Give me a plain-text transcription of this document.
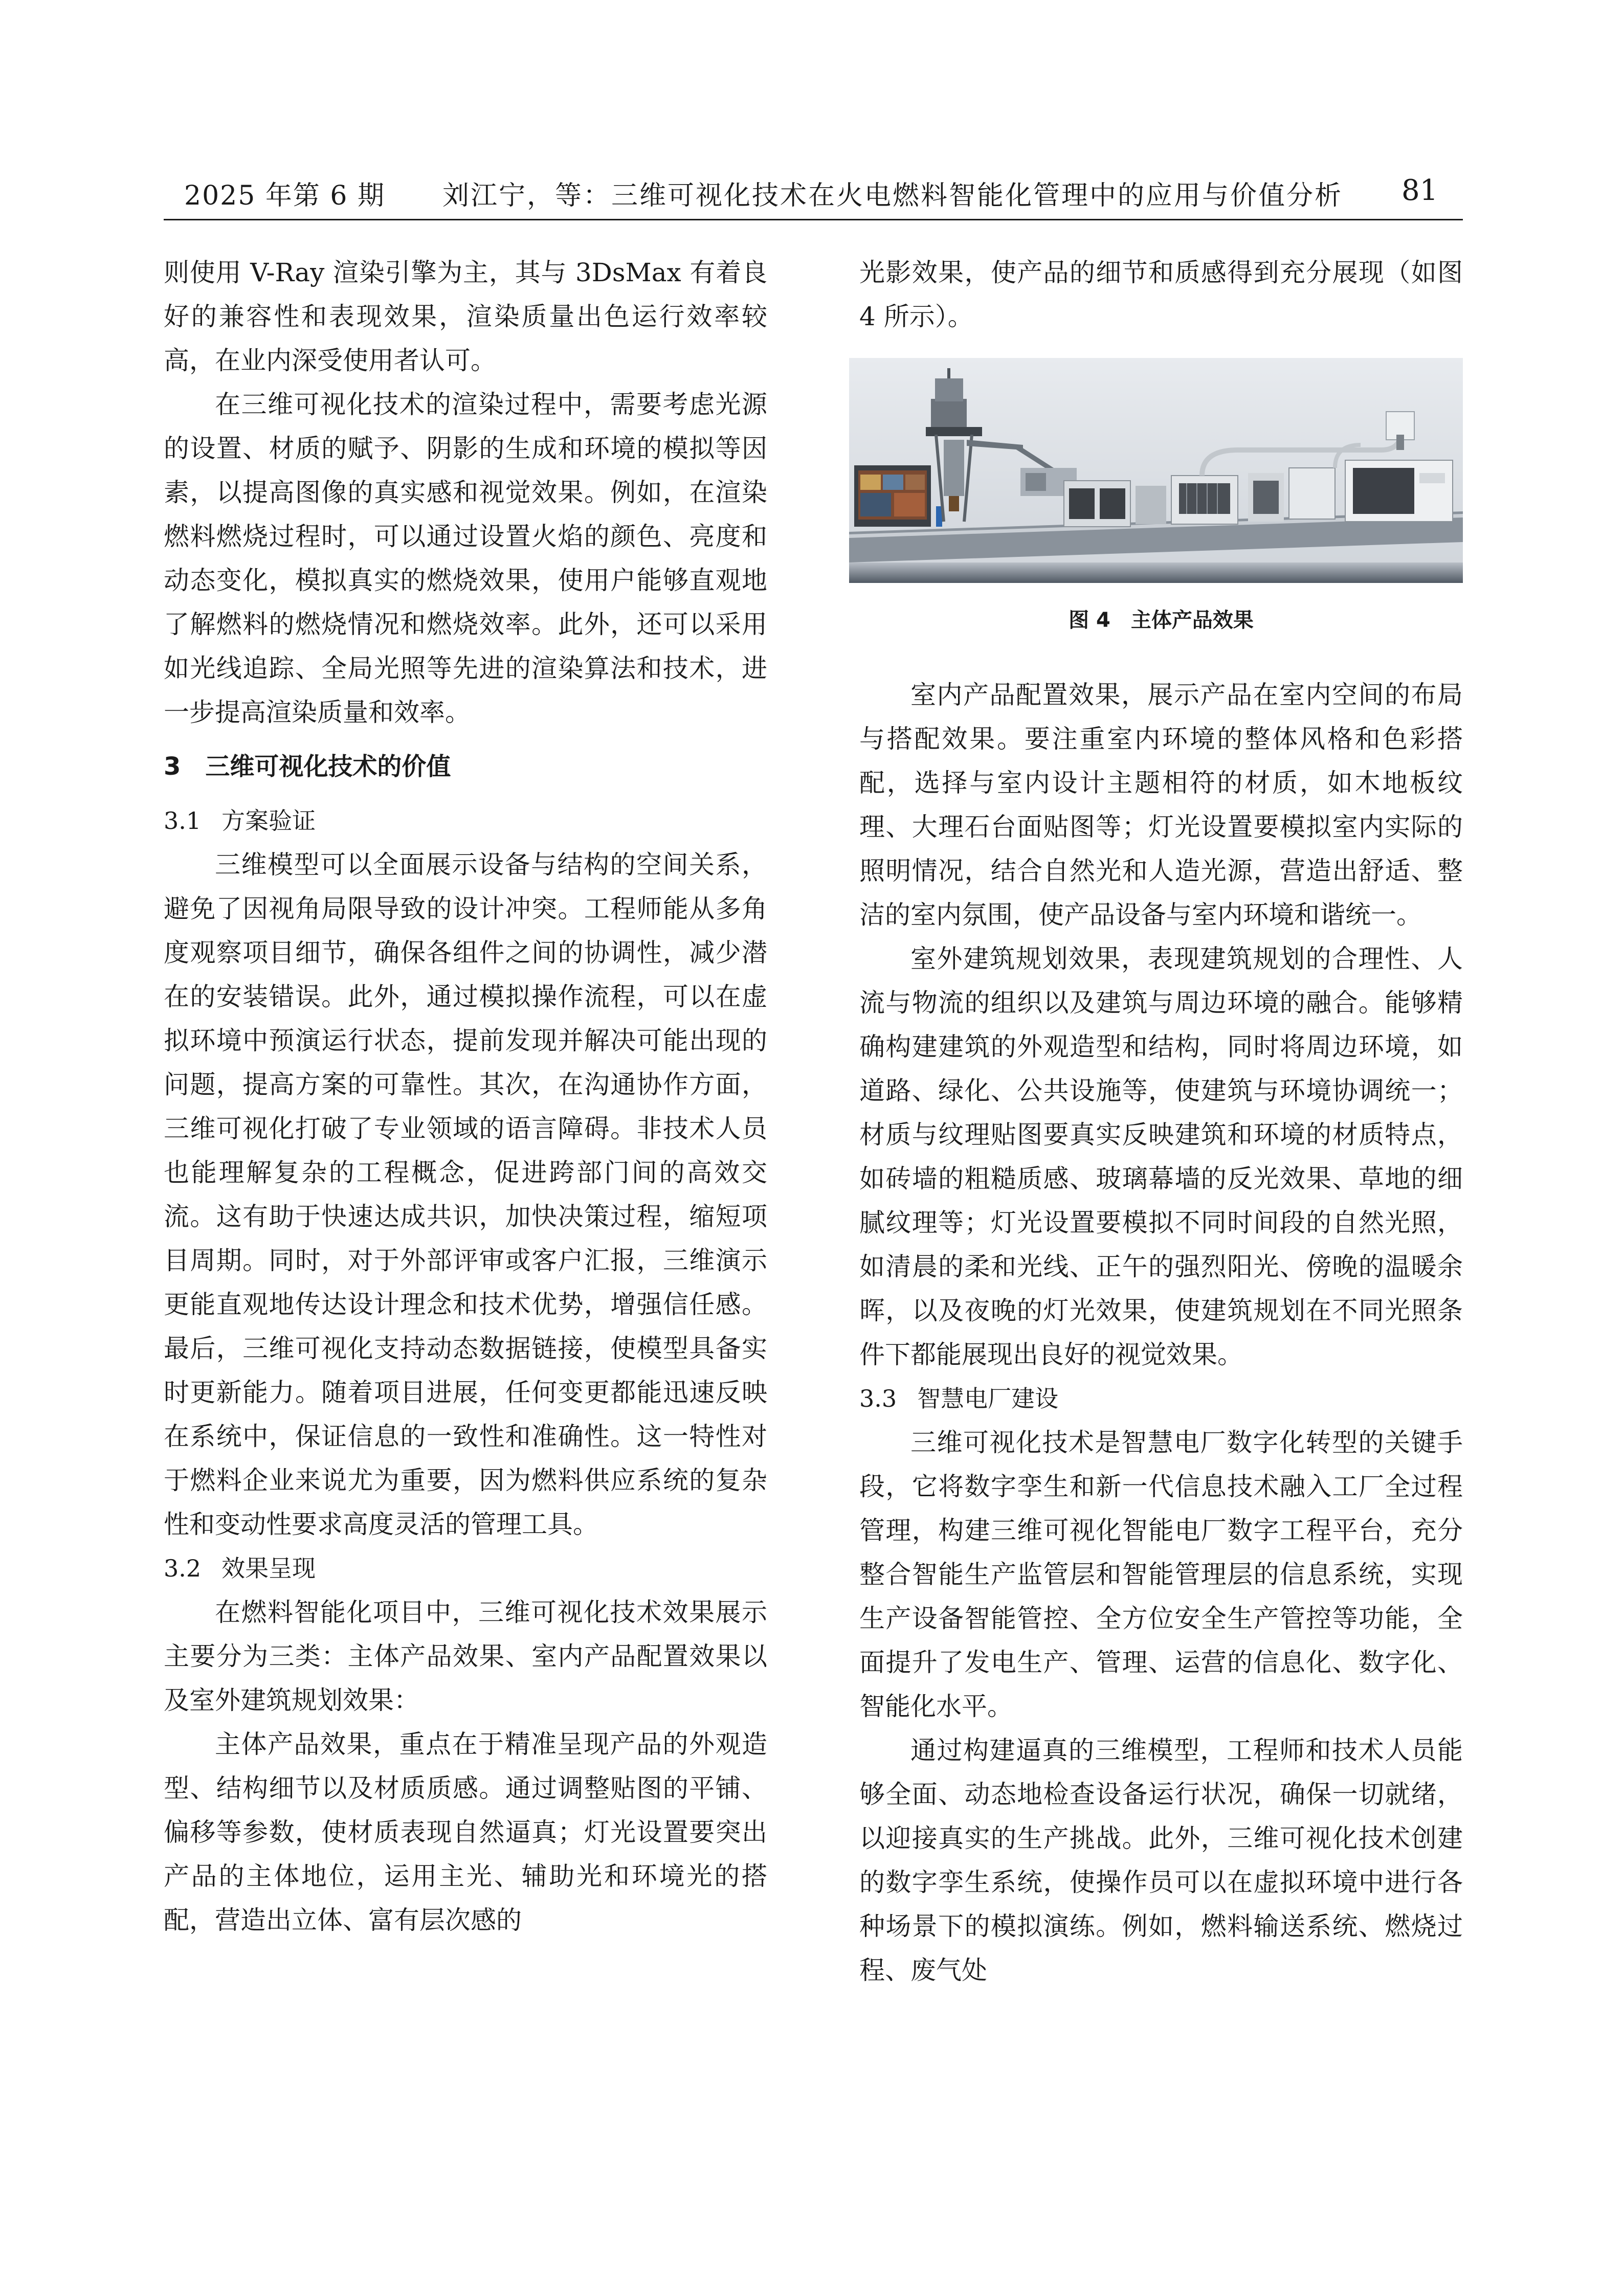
2025 年第 6 期 刘江宁，等：三维可视化技术在火电燃料智能化管理中的应用与价值分析 81

则使用 V-Ray 渲染引擎为主，其与 3DsMax 有着良好的兼容性和表现效果，渲染质量出色运行效率较高，在业内深受使用者认可。

在三维可视化技术的渲染过程中，需要考虑光源的设置、材质的赋予、阴影的生成和环境的模拟等因素，以提高图像的真实感和视觉效果。例如，在渲染燃料燃烧过程时，可以通过设置火焰的颜色、亮度和动态变化，模拟真实的燃烧效果，使用户能够直观地了解燃料的燃烧情况和燃烧效率。此外，还可以采用如光线追踪、全局光照等先进的渲染算法和技术，进一步提高渲染质量和效率。

3　三维可视化技术的价值
3.1 方案验证

三维模型可以全面展示设备与结构的空间关系，避免了因视角局限导致的设计冲突。工程师能从多角度观察项目细节，确保各组件之间的协调性，减少潜在的安装错误。此外，通过模拟操作流程，可以在虚拟环境中预演运行状态，提前发现并解决可能出现的问题，提高方案的可靠性。其次，在沟通协作方面，三维可视化打破了专业领域的语言障碍。非技术人员也能理解复杂的工程概念，促进跨部门间的高效交流。这有助于快速达成共识，加快决策过程，缩短项目周期。同时，对于外部评审或客户汇报，三维演示更能直观地传达设计理念和技术优势，增强信任感。最后，三维可视化支持动态数据链接，使模型具备实时更新能力。随着项目进展，任何变更都能迅速反映在系统中，保证信息的一致性和准确性。这一特性对于燃料企业来说尤为重要，因为燃料供应系统的复杂性和变动性要求高度灵活的管理工具。

3.2 效果呈现

在燃料智能化项目中，三维可视化技术效果展示主要分为三类：主体产品效果、室内产品配置效果以及室外建筑规划效果：

主体产品效果，重点在于精准呈现产品的外观造型、结构细节以及材质质感。通过调整贴图的平铺、偏移等参数，使材质表现自然逼真；灯光设置要突出产品的主体地位，运用主光、辅助光和环境光的搭配，营造出立体、富有层次感的

光影效果，使产品的细节和质感得到充分展现（如图 4 所示）。

图 4　主体产品效果

室内产品配置效果，展示产品在室内空间的布局与搭配效果。要注重室内环境的整体风格和色彩搭配，选择与室内设计主题相符的材质，如木地板纹理、大理石台面贴图等；灯光设置要模拟室内实际的照明情况，结合自然光和人造光源，营造出舒适、整洁的室内氛围，使产品设备与室内环境和谐统一。

室外建筑规划效果，表现建筑规划的合理性、人流与物流的组织以及建筑与周边环境的融合。能够精确构建建筑的外观造型和结构，同时将周边环境，如道路、绿化、公共设施等，使建筑与环境协调统一；材质与纹理贴图要真实反映建筑和环境的材质特点，如砖墙的粗糙质感、玻璃幕墙的反光效果、草地的细腻纹理等；灯光设置要模拟不同时间段的自然光照，如清晨的柔和光线、正午的强烈阳光、傍晚的温暖余晖，以及夜晚的灯光效果，使建筑规划在不同光照条件下都能展现出良好的视觉效果。

3.3 智慧电厂建设

三维可视化技术是智慧电厂数字化转型的关键手段，它将数字孪生和新一代信息技术融入工厂全过程管理，构建三维可视化智能电厂数字工程平台，充分整合智能生产监管层和智能管理层的信息系统，实现生产设备智能管控、全方位安全生产管控等功能，全面提升了发电生产、管理、运营的信息化、数字化、智能化水平。

通过构建逼真的三维模型，工程师和技术人员能够全面、动态地检查设备运行状况，确保一切就绪，以迎接真实的生产挑战。此外，三维可视化技术创建的数字孪生系统，使操作员可以在虚拟环境中进行各种场景下的模拟演练。例如，燃料输送系统、燃烧过程、废气处
